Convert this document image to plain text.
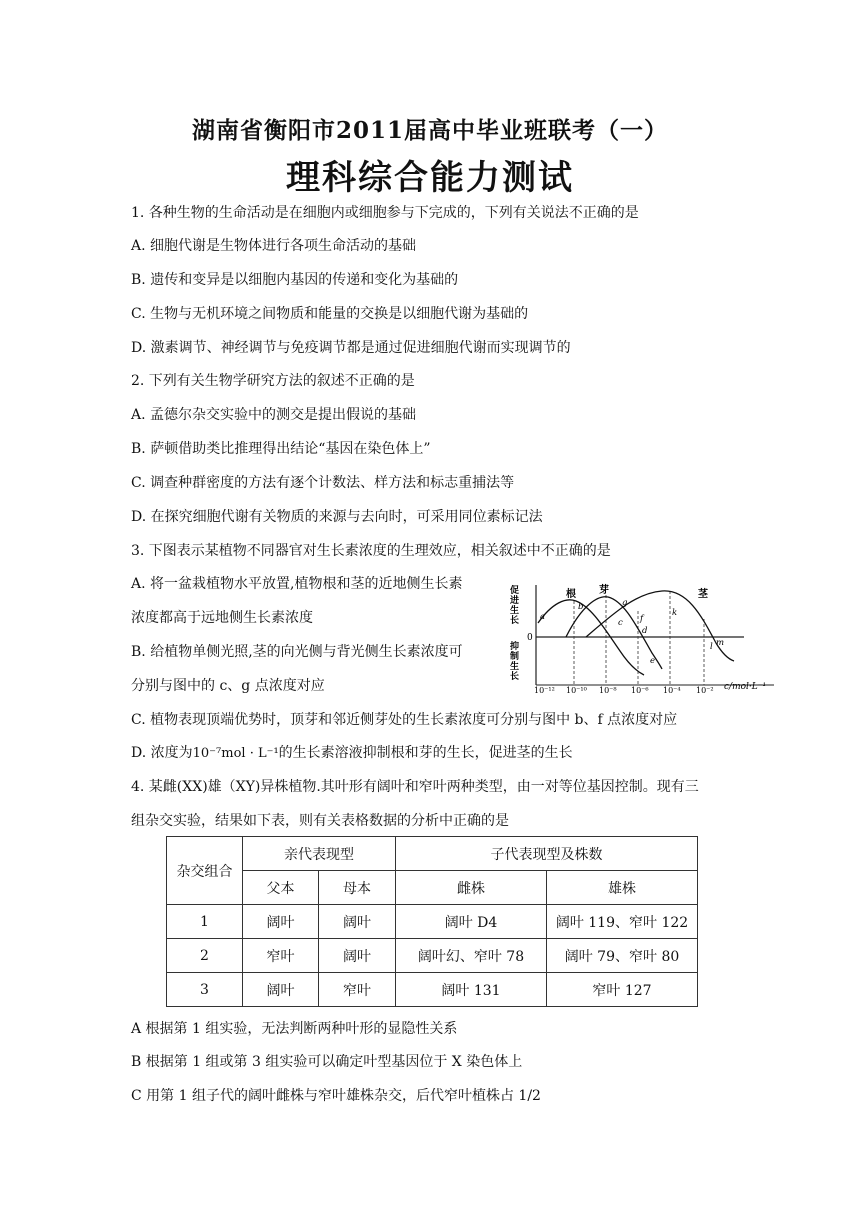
湖南省衡阳市2011届高中毕业班联考（一）
理科综合能力测试
1. 各种生物的生命活动是在细胞内或细胞参与下完成的，下列有关说法不正确的是
A. 细胞代谢是生物体进行各项生命活动的基础
B. 遗传和变异是以细胞内基因的传递和变化为基础的
C. 生物与无机环境之间物质和能量的交换是以细胞代谢为基础的
D. 激素调节、神经调节与免疫调节都是通过促进细胞代谢而实现调节的
2. 下列有关生物学研究方法的叙述不正确的是
A. 孟德尔杂交实验中的测交是提出假说的基础
B. 萨顿借助类比推理得出结论“基因在染色体上”
C. 调查种群密度的方法有逐个计数法、样方法和标志重捕法等
D. 在探究细胞代谢有关物质的来源与去向时，可采用同位素标记法
3. 下图表示某植物不同器官对生长素浓度的生理效应，相关叙述中不正确的是
A. 将一盆栽植物水平放置,植物根和茎的近地侧生长素
浓度都高于远地侧生长素浓度
B. 给植物单侧光照,茎的向光侧与背光侧生长素浓度可
分别与图中的 c、g 点浓度对应
C. 植物表现顶端优势时，顶芽和邻近侧芽处的生长素浓度可分别与图中 b、f 点浓度对应
D. 浓度为10⁻⁷mol · L⁻¹的生长素溶液抑制根和芽的生长，促进茎的生长
促
进
生
长
抑
制
生
长
0
根 芽	茎
a
b
c
d
e
f
g
k
l m
10⁻¹² 10⁻¹⁰ 10⁻⁸ 10⁻⁶ 10⁻⁴ 10⁻² c/mol·L⁻¹
4. 某雌(XX)雄（XY)异株植物.其叶形有阔叶和窄叶两种类型，由一对等位基因控制。现有三
组杂交实验，结果如下表，则有关表格数据的分析中正确的是
杂交组合	亲代表现型		子代表现型及株数	
	父本	母本	雌株	雄株
1	阔叶	阔叶	阔叶 D4	阔叶 119、窄叶 122
2	窄叶	阔叶	阔叶幻、窄叶 78	阔叶 79、窄叶 80
3	阔叶	窄叶	阔叶 131	窄叶 127
A 根据第 1 组实验，无法判断两种叶形的显隐性关系
B 根据第 1 组或第 3 组实验可以确定叶型基因位于 X 染色体上
C 用第 1 组子代的阔叶雌株与窄叶雄株杂交，后代窄叶植株占 1/2
